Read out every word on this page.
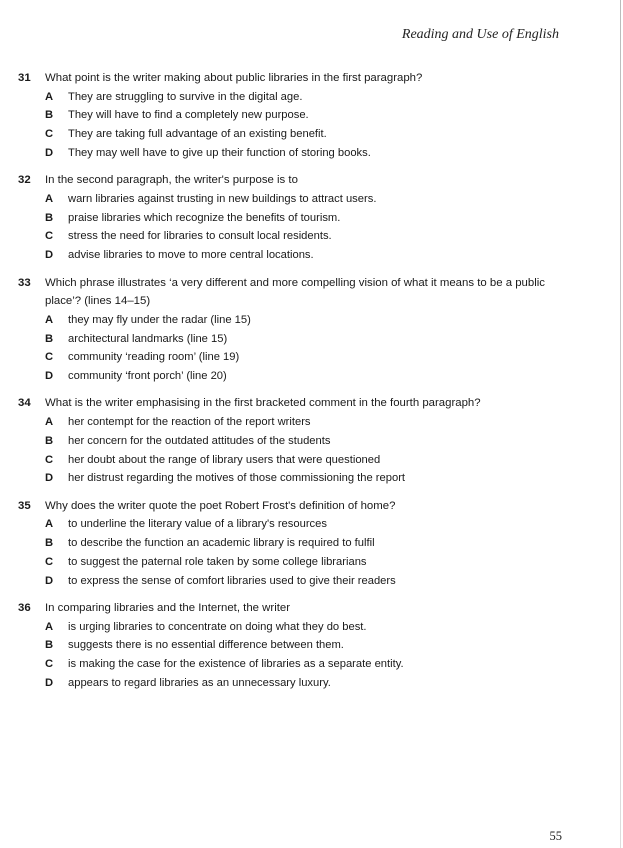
Reading and Use of English
31 What point is the writer making about public libraries in the first paragraph?
A They are struggling to survive in the digital age.
B They will have to find a completely new purpose.
C They are taking full advantage of an existing benefit.
D They may well have to give up their function of storing books.
32 In the second paragraph, the writer's purpose is to
A warn libraries against trusting in new buildings to attract users.
B praise libraries which recognize the benefits of tourism.
C stress the need for libraries to consult local residents.
D advise libraries to move to more central locations.
33 Which phrase illustrates ‘a very different and more compelling vision of what it means to be a public place’? (lines 14–15)
A they may fly under the radar (line 15)
B architectural landmarks (line 15)
C community ‘reading room’ (line 19)
D community ‘front porch’ (line 20)
34 What is the writer emphasising in the first bracketed comment in the fourth paragraph?
A her contempt for the reaction of the report writers
B her concern for the outdated attitudes of the students
C her doubt about the range of library users that were questioned
D her distrust regarding the motives of those commissioning the report
35 Why does the writer quote the poet Robert Frost's definition of home?
A to underline the literary value of a library's resources
B to describe the function an academic library is required to fulfil
C to suggest the paternal role taken by some college librarians
D to express the sense of comfort libraries used to give their readers
36 In comparing libraries and the Internet, the writer
A is urging libraries to concentrate on doing what they do best.
B suggests there is no essential difference between them.
C is making the case for the existence of libraries as a separate entity.
D appears to regard libraries as an unnecessary luxury.
55
